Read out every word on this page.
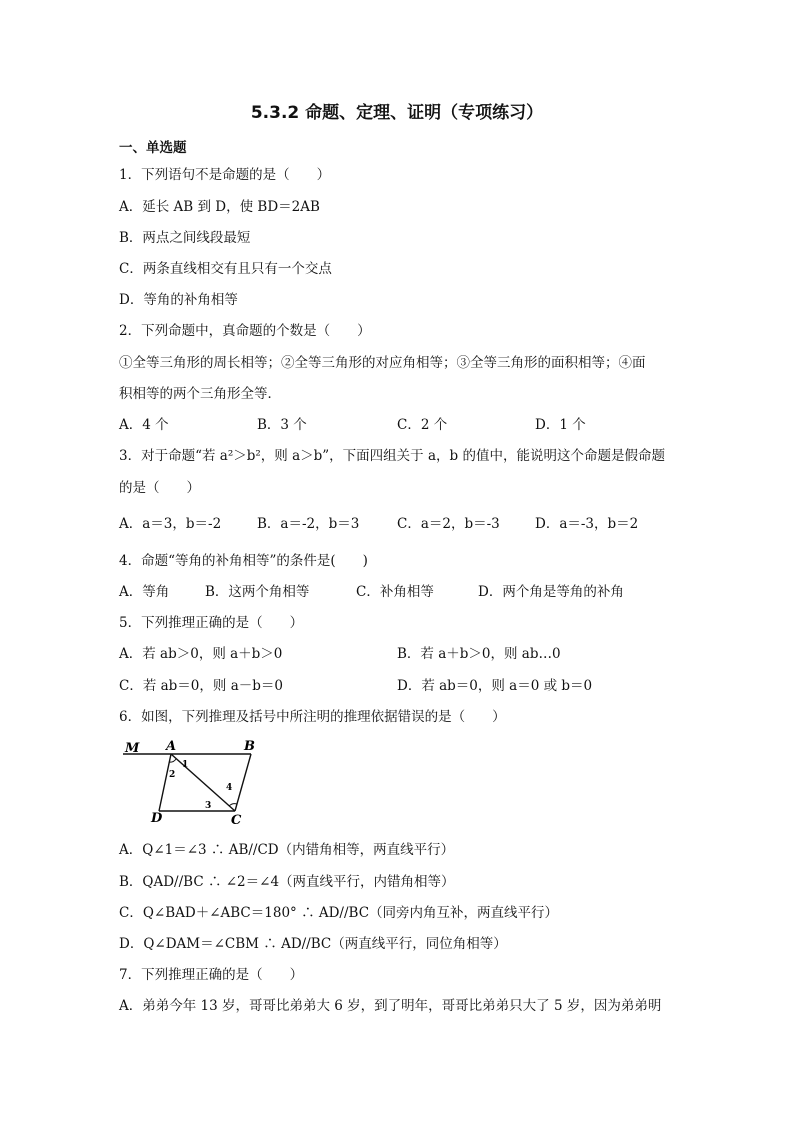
5.3.2 命题、定理、证明（专项练习）
一、单选题
1．下列语句不是命题的是（　　）
A．延长 AB 到 D，使 BD＝2AB
B．两点之间线段最短
C．两条直线相交有且只有一个交点
D．等角的补角相等
2．下列命题中，真命题的个数是（　　）
①全等三角形的周长相等；②全等三角形的对应角相等；③全等三角形的面积相等；④面
积相等的两个三角形全等．
A．4 个	B．3 个	C．2 个	D．1 个
3．对于命题“若 a²＞b²，则 a＞b”，下面四组关于 a，b 的值中，能说明这个命题是假命题
的是（　　）
A．a＝3，b＝-2	B．a＝-2，b＝3	C．a＝2，b＝-3	D．a＝-3，b＝2
4．命题“等角的补角相等”的条件是(　　)
A．等角	B．这两个角相等	C．补角相等	D．两个角是等角的补角
5．下列推理正确的是（　　）
A．若 ab＞0，则 a＋b＞0	B．若 a＋b＞0，则 ab…0
C．若 ab＝0，则 a－b＝0	D．若 ab＝0，则 a＝0 或 b＝0
6．如图，下列推理及括号中所注明的推理依据错误的是（　　）
M A	B
C
D
1
2
3
4
A．Q∠1＝∠3 ∴ AB//CD（内错角相等，两直线平行）
B．QAD//BC ∴ ∠2＝∠4（两直线平行，内错角相等）
C．Q∠BAD＋∠ABC＝180° ∴ AD//BC（同旁内角互补，两直线平行）
D．Q∠DAM＝∠CBM ∴ AD//BC（两直线平行，同位角相等）
7．下列推理正确的是（　　）
A．弟弟今年 13 岁，哥哥比弟弟大 6 岁，到了明年，哥哥比弟弟只大了 5 岁，因为弟弟明
